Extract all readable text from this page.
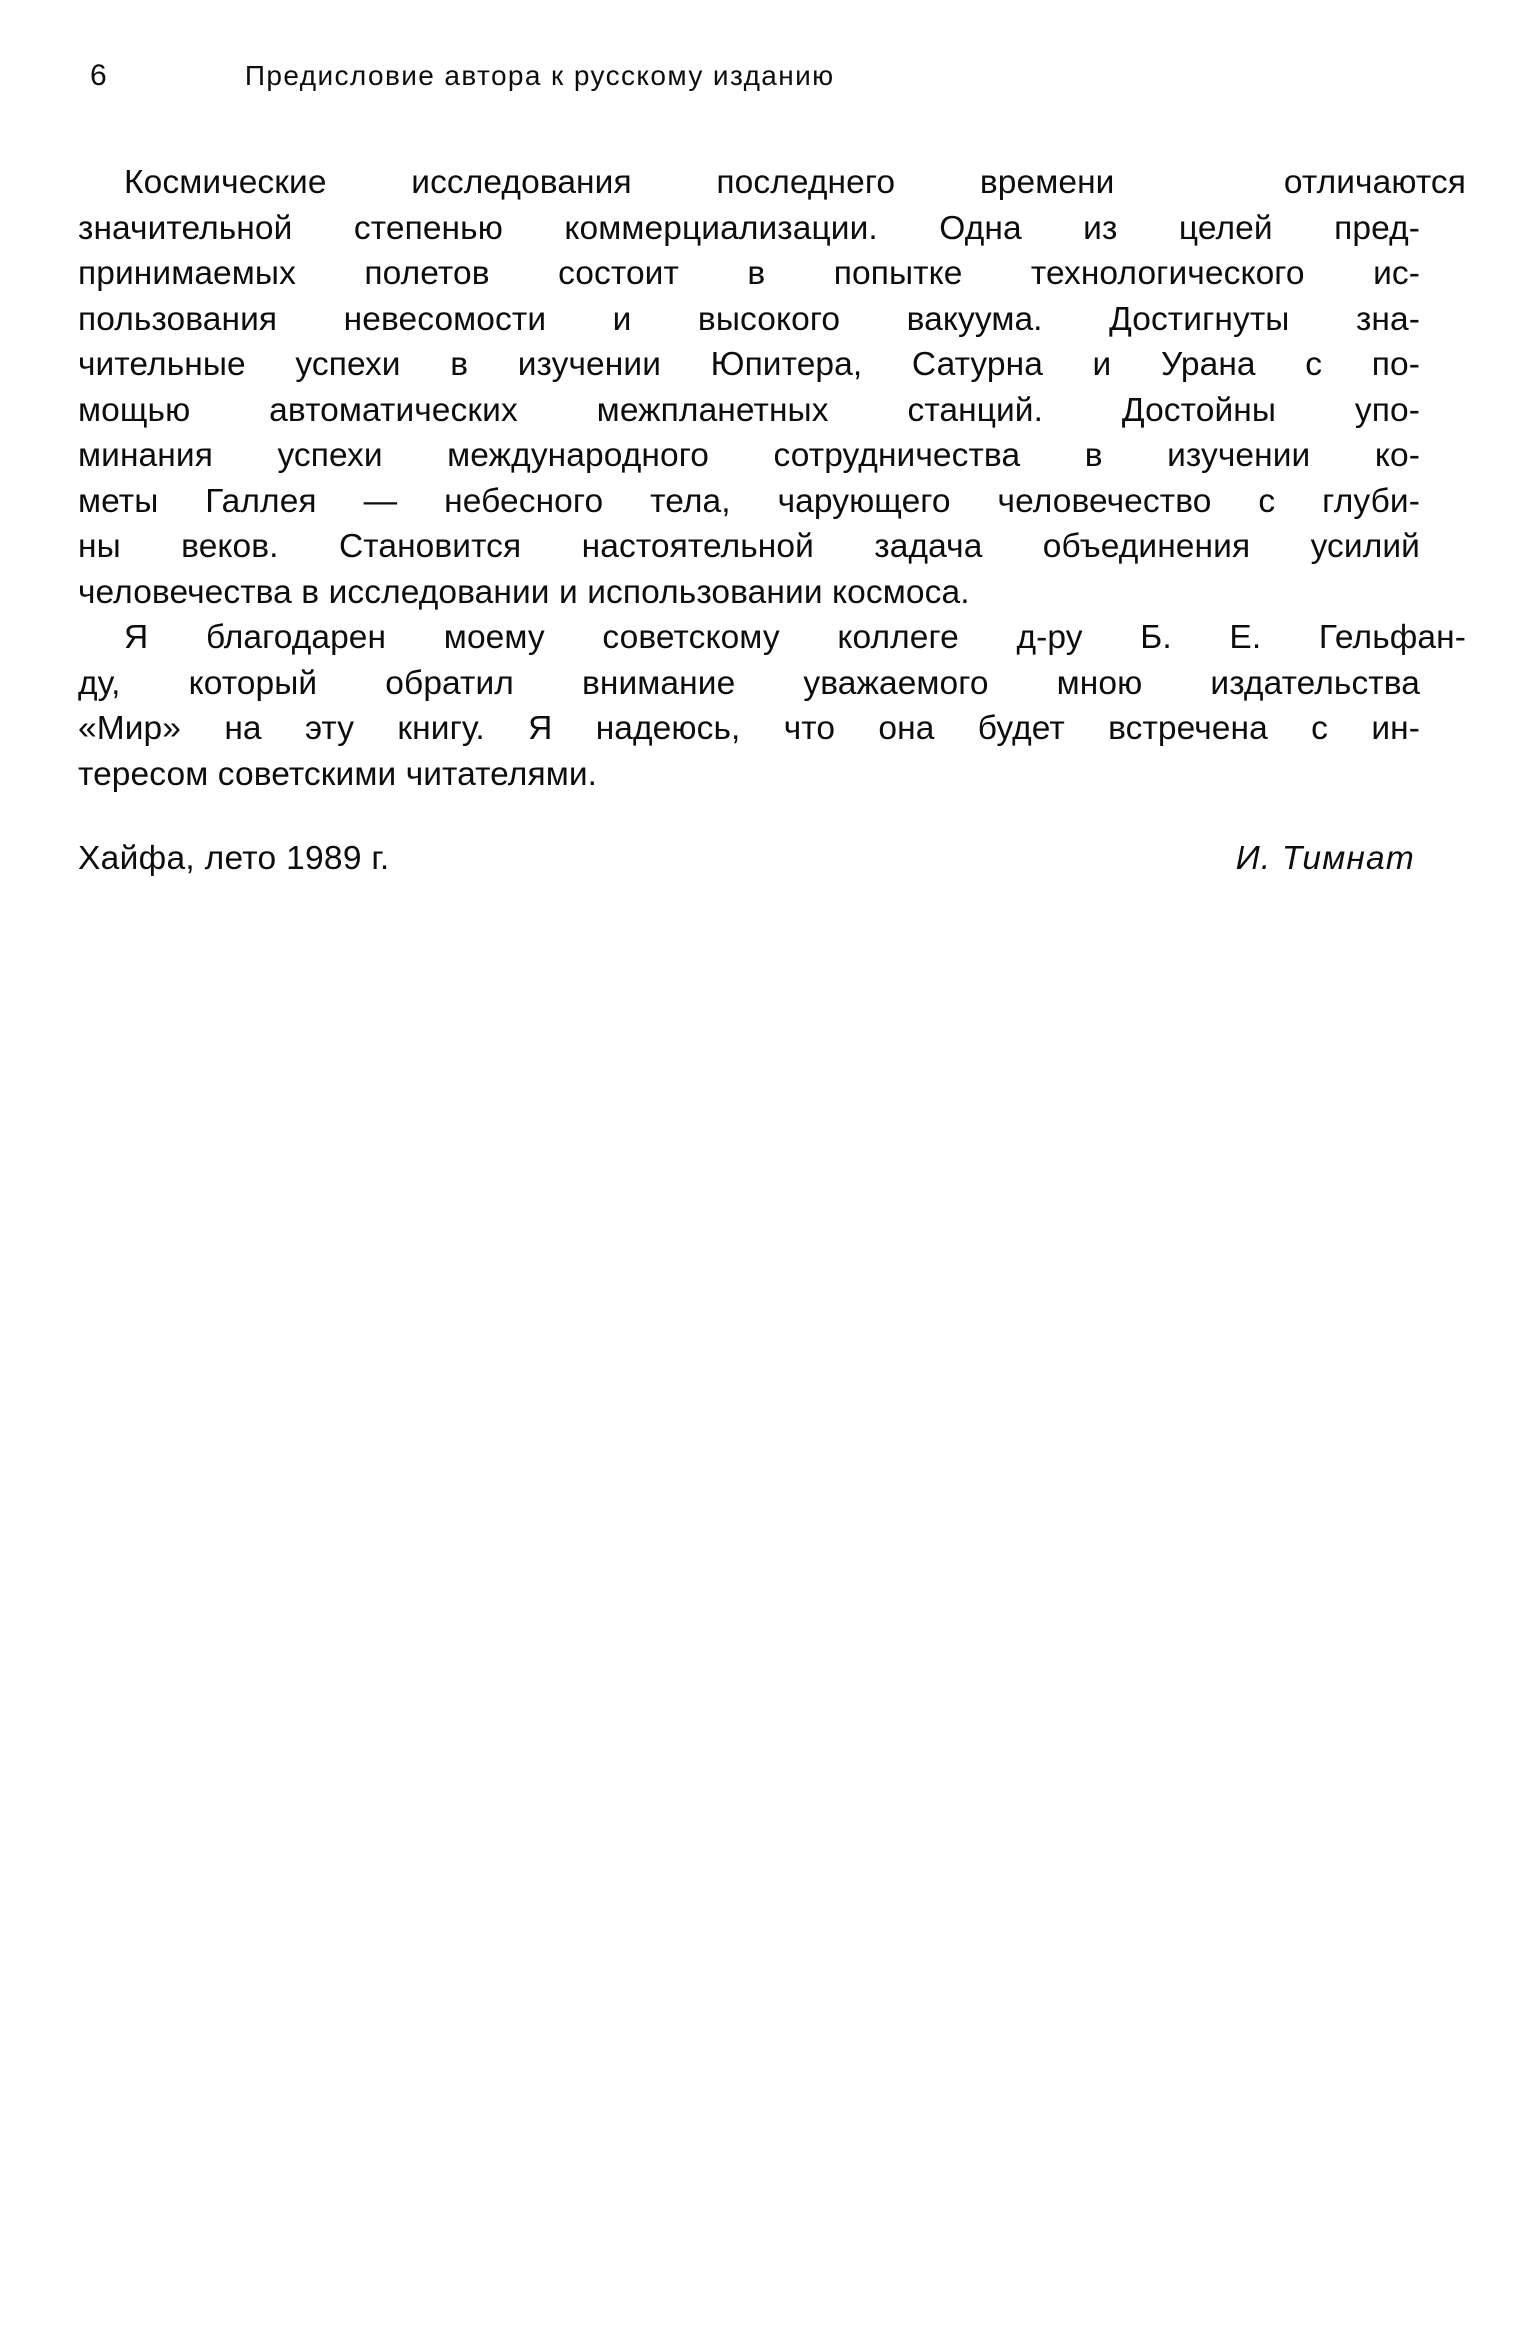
6	Предисловие автора к русскому изданию

Космические исследования последнего времени  отличаются
значительной степенью коммерциализации. Одна из целей пред-
принимаемых полетов состоит в попытке технологического ис-
пользования невесомости и высокого вакуума. Достигнуты зна-
чительные успехи в изучении Юпитера, Сатурна и Урана с по-
мощью автоматических межпланетных станций. Достойны упо-
минания успехи международного сотрудничества в изучении ко-
меты Галлея — небесного тела, чарующего человечество с глуби-
ны веков. Становится настоятельной задача объединения усилий
человечества в исследовании и использовании космоса.

Я благодарен моему советскому коллеге д-ру Б. Е. Гельфан-
ду, который обратил внимание уважаемого мною издательства
«Мир» на эту книгу. Я надеюсь, что она будет встречена с ин-
тересом советскими читателями.

Хайфа, лето 1989 г.	И. Тимнат
